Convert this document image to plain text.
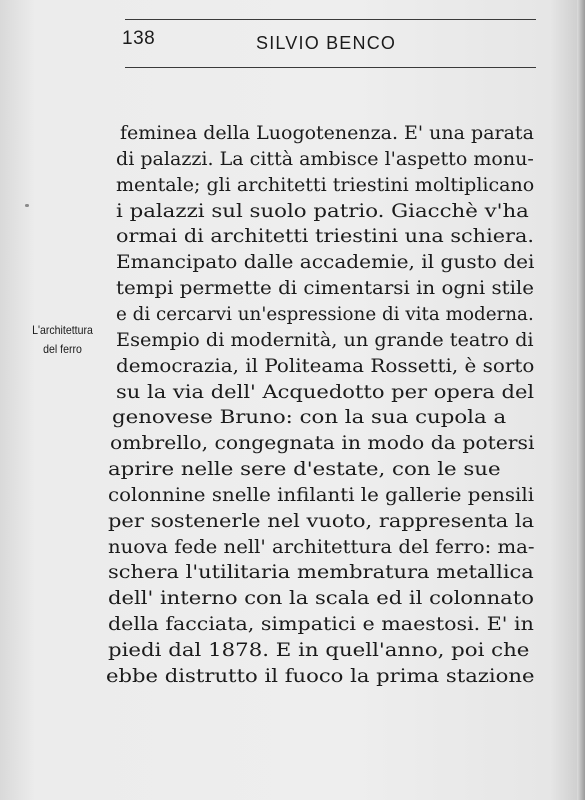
138	SILVIO BENCO
L'architettura
del ferro
feminea della Luogotenenza. E' una parata
di palazzi. La città ambisce l'aspetto monu-
mentale; gli architetti triestini moltiplicano
i palazzi sul suolo patrio. Giacchè v'ha
ormai di architetti triestini una schiera.
Emancipato dalle accademie, il gusto dei
tempi permette di cimentarsi in ogni stile
e di cercarvi un'espressione di vita moderna.
Esempio di modernità, un grande teatro di
democrazia, il Politeama Rossetti, è sorto
su la via dell' Acquedotto per opera del
genovese Bruno: con la sua cupola a
ombrello, congegnata in modo da potersi
aprire nelle sere d'estate, con le sue
colonnine snelle infilanti le gallerie pensili
per sostenerle nel vuoto, rappresenta la
nuova fede nell' architettura del ferro: ma-
schera l'utilitaria membratura metallica
dell' interno con la scala ed il colonnato
della facciata, simpatici e maestosi. E' in
piedi dal 1878. E in quell'anno, poi che
ebbe distrutto il fuoco la prima stazione
